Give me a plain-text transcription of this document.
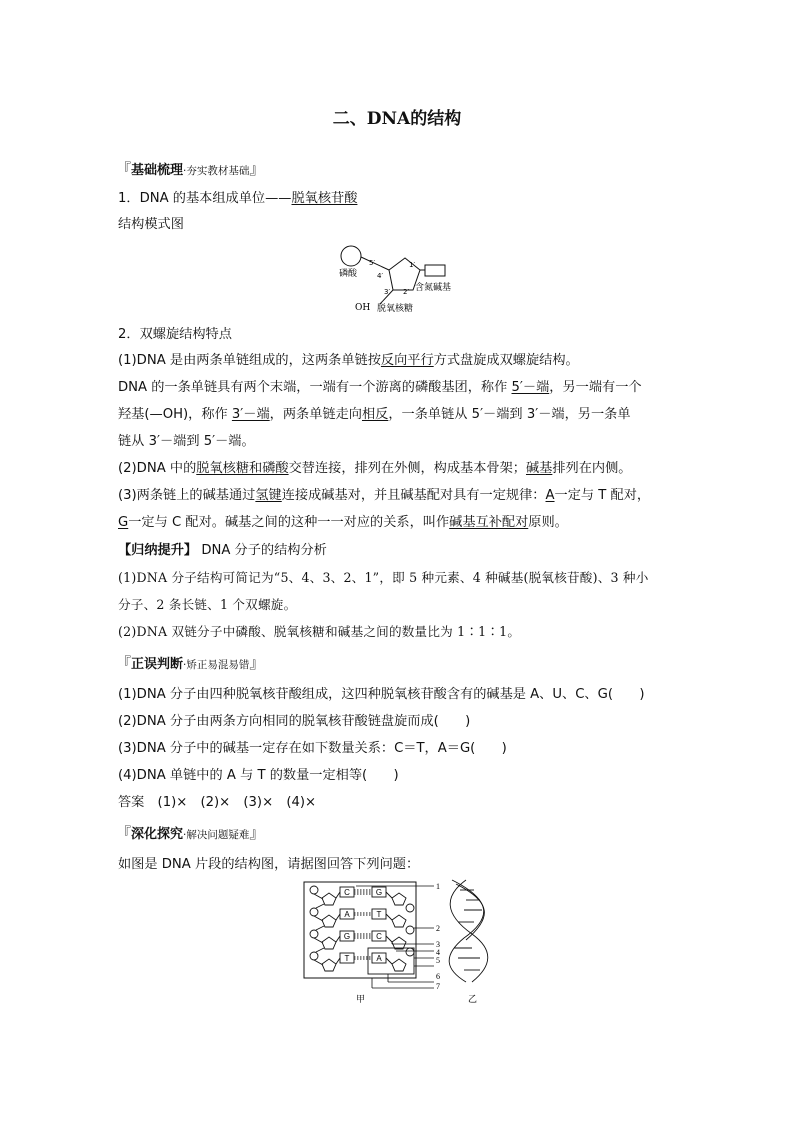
二、DNA的结构
『基础梳理·夯实教材基础』
1．DNA 的基本组成单位——脱氧核苷酸
结构模式图
磷酸
5′
4′
1′
3′ 2′ 含氮碱基
OH 脱氧核糖
2．双螺旋结构特点
(1)DNA 是由两条单链组成的，这两条单链按反向平行方式盘旋成双螺旋结构。
DNA 的一条单链具有两个末端，一端有一个游离的磷酸基团，称作 5′－端，另一端有一个
羟基(—OH)，称作 3′－端，两条单链走向相反，一条单链从 5′－端到 3′－端，另一条单
链从 3′－端到 5′－端。
(2)DNA 中的脱氧核糖和磷酸交替连接，排列在外侧，构成基本骨架；碱基排列在内侧。
(3)两条链上的碱基通过氢键连接成碱基对，并且碱基配对具有一定规律：A一定与 T 配对，
G一定与 C 配对。碱基之间的这种一一对应的关系，叫作碱基互补配对原则。
【归纳提升】 DNA 分子的结构分析
(1)DNA 分子结构可简记为“5、4、3、2、1”，即 5 种元素、4 种碱基(脱氧核苷酸)、3 种小
分子、2 条长链、1 个双螺旋。
(2)DNA 双链分子中磷酸、脱氧核糖和碱基之间的数量比为 1∶1∶1。
『正误判断·矫正易混易错』
(1)DNA 分子由四种脱氧核苷酸组成，这四种脱氧核苷酸含有的碱基是 A、U、C、G(　　)
(2)DNA 分子由两条方向相同的脱氧核苷酸链盘旋而成(　　)
(3)DNA 分子中的碱基一定存在如下数量关系：C＝T，A＝G(　　)
(4)DNA 单链中的 A 与 T 的数量一定相等(　　)
答案　(1)×　(2)×　(3)×　(4)×
『深化探究·解决问题疑难』
如图是 DNA 片段的结构图，请据图回答下列问题：
C	G
A	T
G	C
T	A
1
2
3
4
5
6
7
甲	乙
